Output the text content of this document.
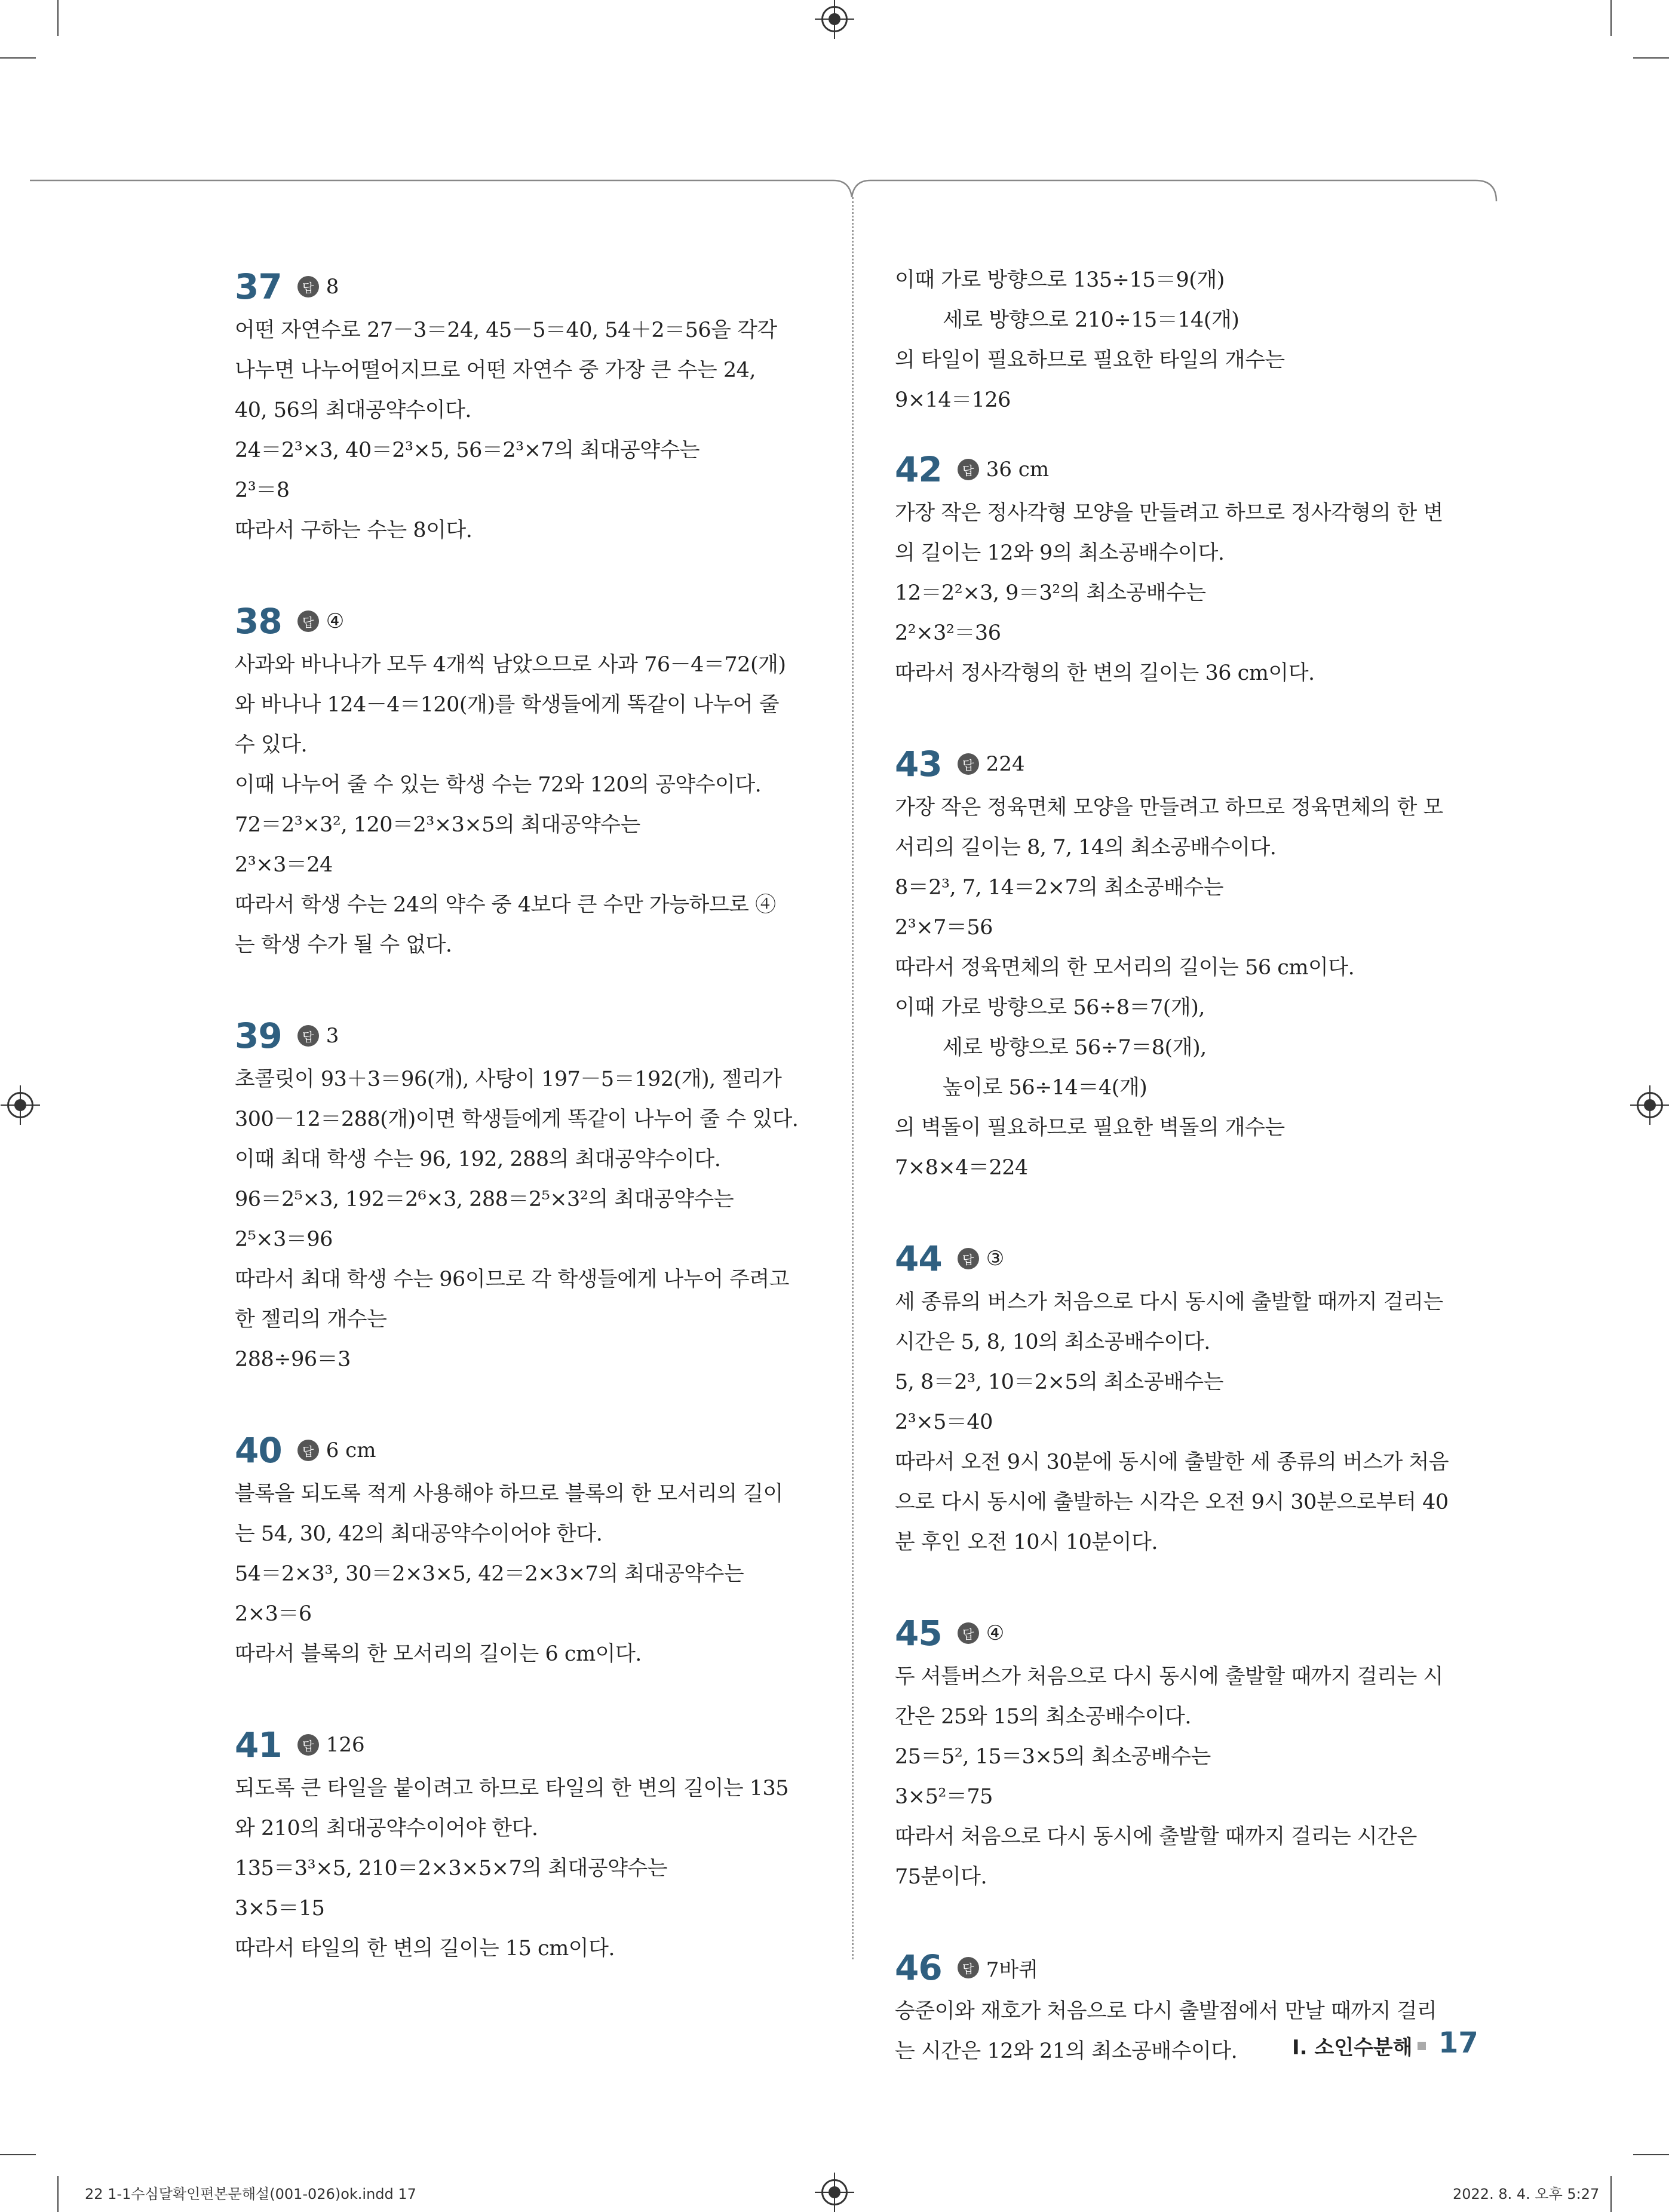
37	답 8
어떤 자연수로 27－3＝24, 45－5＝40, 54＋2＝56을 각각
나누면 나누어떨어지므로 어떤 자연수 중 가장 큰 수는 24,
40, 56의 최대공약수이다.
24＝2³×3, 40＝2³×5, 56＝2³×7의 최대공약수는
2³＝8
따라서 구하는 수는 8이다.
38	답 ④
사과와 바나나가 모두 4개씩 남았으므로 사과 76－4＝72(개)
와 바나나 124－4＝120(개)를 학생들에게 똑같이 나누어 줄
수 있다.
이때 나누어 줄 수 있는 학생 수는 72와 120의 공약수이다.
72＝2³×3², 120＝2³×3×5의 최대공약수는
2³×3＝24
따라서 학생 수는 24의 약수 중 4보다 큰 수만 가능하므로 ④
는 학생 수가 될 수 없다.
39	답 3
초콜릿이 93＋3＝96(개), 사탕이 197－5＝192(개), 젤리가
300－12＝288(개)이면 학생들에게 똑같이 나누어 줄 수 있다.
이때 최대 학생 수는 96, 192, 288의 최대공약수이다.
96＝2⁵×3, 192＝2⁶×3, 288＝2⁵×3²의 최대공약수는
2⁵×3＝96
따라서 최대 학생 수는 96이므로 각 학생들에게 나누어 주려고
한 젤리의 개수는
288÷96＝3
40	답 6 cm
블록을 되도록 적게 사용해야 하므로 블록의 한 모서리의 길이
는 54, 30, 42의 최대공약수이어야 한다.
54＝2×3³, 30＝2×3×5, 42＝2×3×7의 최대공약수는
2×3＝6
따라서 블록의 한 모서리의 길이는 6 cm이다.
41	답 126
되도록 큰 타일을 붙이려고 하므로 타일의 한 변의 길이는 135
와 210의 최대공약수이어야 한다.
135＝3³×5, 210＝2×3×5×7의 최대공약수는
3×5＝15
따라서 타일의 한 변의 길이는 15 cm이다.
이때 가로 방향으로 135÷15＝9(개)
세로 방향으로 210÷15＝14(개)
의 타일이 필요하므로 필요한 타일의 개수는
9×14＝126
42	답 36 cm
가장 작은 정사각형 모양을 만들려고 하므로 정사각형의 한 변
의 길이는 12와 9의 최소공배수이다.
12＝2²×3, 9＝3²의 최소공배수는
2²×3²＝36
따라서 정사각형의 한 변의 길이는 36 cm이다.
43	답 224
가장 작은 정육면체 모양을 만들려고 하므로 정육면체의 한 모
서리의 길이는 8, 7, 14의 최소공배수이다.
8＝2³, 7, 14＝2×7의 최소공배수는
2³×7＝56
따라서 정육면체의 한 모서리의 길이는 56 cm이다.
이때 가로 방향으로 56÷8＝7(개),
세로 방향으로 56÷7＝8(개),
높이로 56÷14＝4(개)
의 벽돌이 필요하므로 필요한 벽돌의 개수는
7×8×4＝224
44	답 ③
세 종류의 버스가 처음으로 다시 동시에 출발할 때까지 걸리는
시간은 5, 8, 10의 최소공배수이다.
5, 8＝2³, 10＝2×5의 최소공배수는
2³×5＝40
따라서 오전 9시 30분에 동시에 출발한 세 종류의 버스가 처음
으로 다시 동시에 출발하는 시각은 오전 9시 30분으로부터 40
분 후인 오전 10시 10분이다.
45	답 ④
두 셔틀버스가 처음으로 다시 동시에 출발할 때까지 걸리는 시
간은 25와 15의 최소공배수이다.
25＝5², 15＝3×5의 최소공배수는
3×5²＝75
따라서 처음으로 다시 동시에 출발할 때까지 걸리는 시간은
75분이다.
46	답 7바퀴
승준이와 재호가 처음으로 다시 출발점에서 만날 때까지 걸리
는 시간은 12와 21의 최소공배수이다.	I. 소인수분해 17
22 1-1수심달확인편본문해설(001-026)ok.indd 17	2022. 8. 4. 오후 5:27
